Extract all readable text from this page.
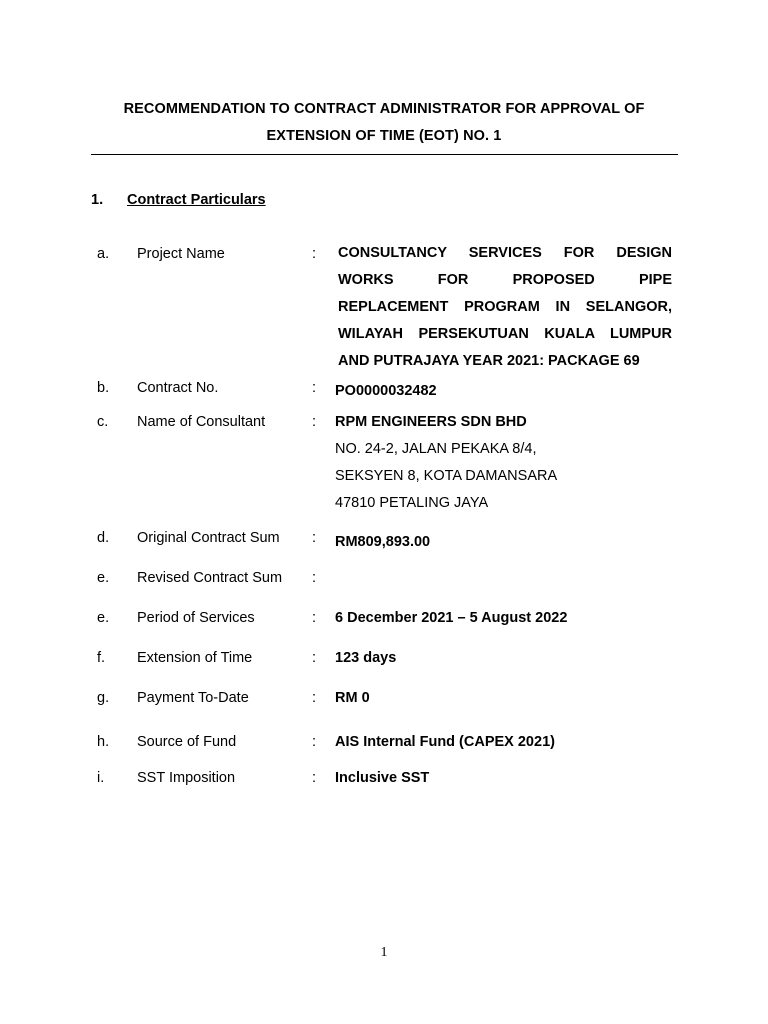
RECOMMENDATION TO CONTRACT ADMINISTRATOR FOR APPROVAL OF
EXTENSION OF TIME (EOT) NO. 1
1. Contract Particulars
a. Project Name	: CONSULTANCY SERVICES FOR DESIGN
WORKS FOR PROPOSED PIPE
REPLACEMENT PROGRAM IN SELANGOR,
WILAYAH PERSEKUTUAN KUALA LUMPUR
AND PUTRAJAYA YEAR 2021: PACKAGE 69
b. Contract No.	: PO0000032482
c. Name of Consultant	: RPM ENGINEERS SDN BHD
NO. 24-2, JALAN PEKAKA 8/4,
SEKSYEN 8, KOTA DAMANSARA
47810 PETALING JAYA
d. Original Contract Sum : RM809,893.00
e. Revised Contract Sum :
e. Period of Services	: 6 December 2021 – 5 August 2022
f. Extension of Time	: 123 days
g. Payment To-Date	: RM 0
h. Source of Fund	: AIS Internal Fund (CAPEX 2021)
i. SST Imposition	: Inclusive SST
1
